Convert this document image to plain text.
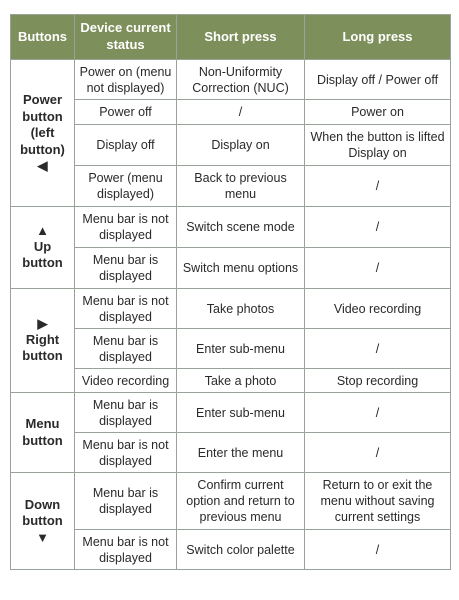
Buttons	Device current status	Short press	Long press
Power button (left button)
◀	Power on (menu not displayed)	Non-Uniformity Correction (NUC)	Display off / Power off
	Power off	/	Power on
	Display off	Display on	When the button is lifted Display on
	Power (menu displayed)	Back to previous menu	/

▲
Up button	Menu bar is not displayed	Switch scene mode	/
	Menu bar is displayed	Switch menu options	/

▶
Right button	Menu bar is not displayed	Take photos	Video recording
	Menu bar is displayed	Enter sub-menu	/
	Video recording	Take a photo	Stop recording
Menu button	Menu bar is displayed	Enter sub-menu	/
	Menu bar is not displayed	Enter the menu	/
Down button
▼	Menu bar is displayed	Confirm current option and return to previous menu	Return to or exit the menu without saving current settings
	Menu bar is not displayed	Switch color palette	/
